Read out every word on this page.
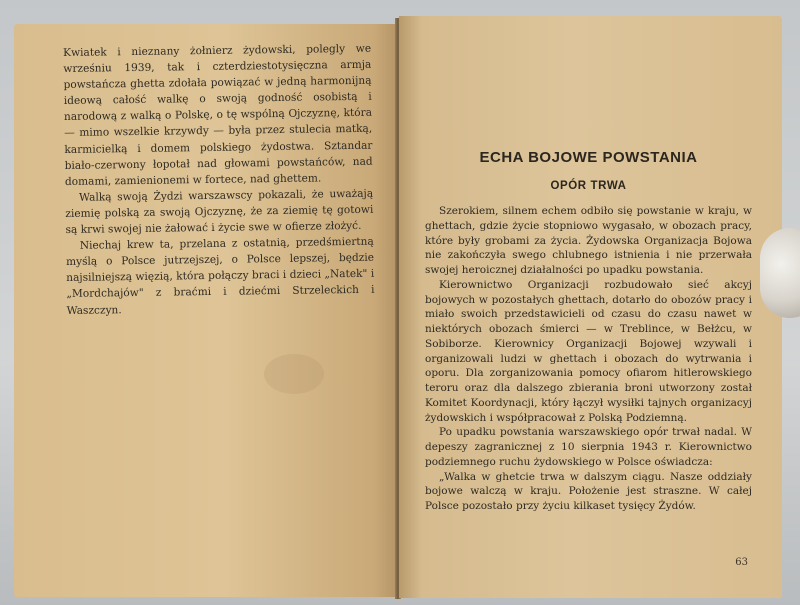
Kwiatek i nieznany żołnierz żydowski, polegly we wrześniu 1939, tak i czterdziestotysięczna armja powstańcza ghetta zdołała powiązać w jedną harmonijną ideową całość walkę o swoją godność osobistą i narodową z walką o Polskę, o tę wspólną Ojczyznę, która — mimo wszelkie krzywdy — była przez stulecia matką, karmicielką i domem polskiego żydostwa. Sztandar biało-czerwony łopotał nad głowami powstańców, nad domami, zamienionemi w fortece, nad ghettem.

Walką swoją Żydzi warszawscy pokazali, że uważają ziemię polską za swoją Ojczyznę, że za ziemię tę gotowi są krwi swojej nie żałować i życie swe w ofierze złożyć.

Niechaj krew ta, przelana z ostatnią, przedśmiertną myślą o Polsce jutrzejszej, o Polsce lepszej, będzie najsilniejszą więzią, która połączy braci i dzieci „Natek" i „Mordchajów" z braćmi i dziećmi Strzeleckich i Waszczyn.

ECHA BOJOWE POWSTANIA
OPÓR TRWA

Szerokiem, silnem echem odbiło się powstanie w kraju, w ghettach, gdzie życie stopniowo wygasało, w obozach pracy, które były grobami za życia. Żydowska Organizacja Bojowa nie zakończyła swego chlubnego istnienia i nie przerwała swojej heroicznej działalności po upadku powstania.

Kierownictwo Organizacji rozbudowało sieć akcyj bojowych w pozostałych ghettach, dotarło do obozów pracy i miało swoich przedstawicieli od czasu do czasu nawet w niektórych obozach śmierci — w Treblince, w Bełżcu, w Sobiborze. Kierownicy Organizacji Bojowej wzywali i organizowali ludzi w ghettach i obozach do wytrwania i oporu. Dla zorganizowania pomocy ofiarom hitlerowskiego teroru oraz dla dalszego zbierania broni utworzony został Komitet Koordynacji, który łączył wysiłki tajnych organizacyj żydowskich i współpracował z Polską Podziemną.

Po upadku powstania warszawskiego opór trwał nadal. W depeszy zagranicznej z 10 sierpnia 1943 r. Kierownictwo podziemnego ruchu żydowskiego w Polsce oświadcza:

„Walka w ghetcie trwa w dalszym ciągu. Nasze oddziały bojowe walczą w kraju. Położenie jest straszne. W całej Polsce pozostało przy życiu kilkaset tysięcy Żydów.

63
